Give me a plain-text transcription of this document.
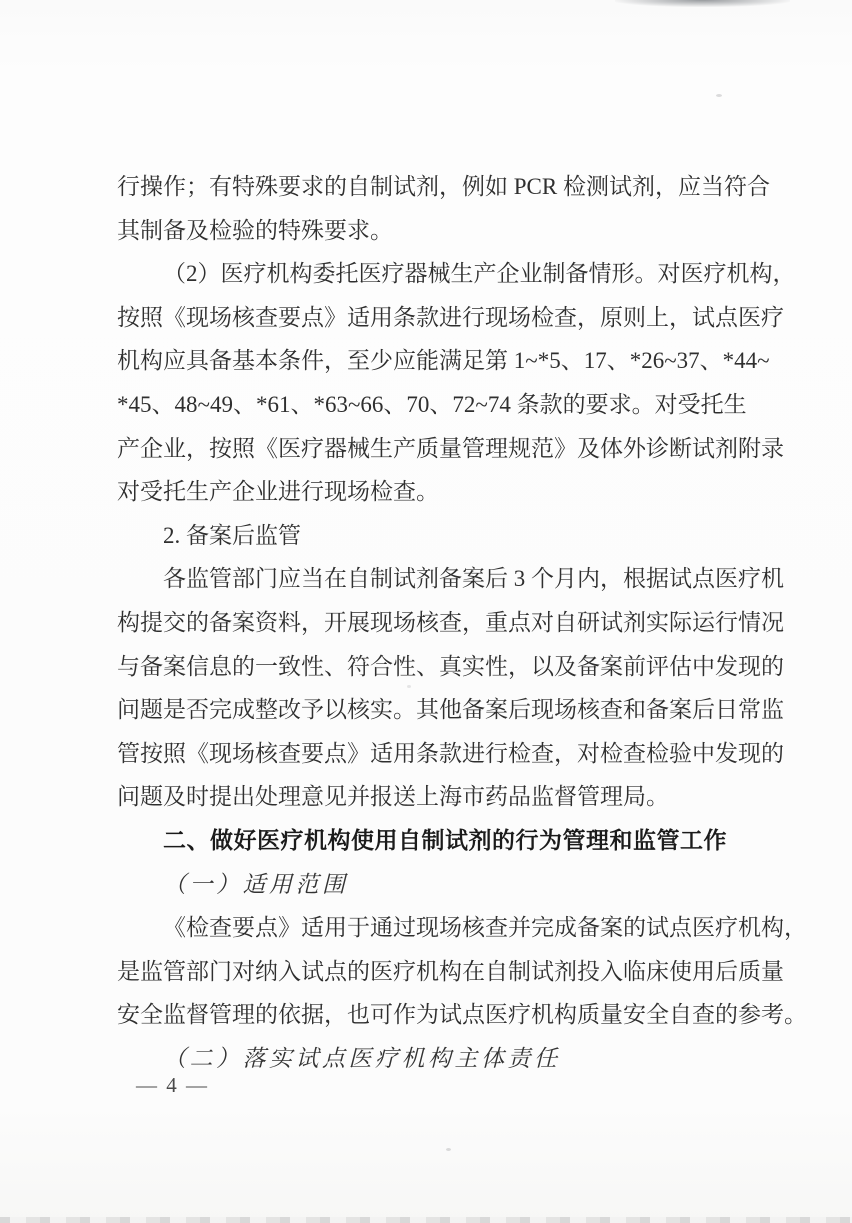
行操作；有特殊要求的自制试剂，例如 PCR 检测试剂，应当符合
其制备及检验的特殊要求。
（2）医疗机构委托医疗器械生产企业制备情形。对医疗机构，
按照《现场核查要点》适用条款进行现场检查，原则上，试点医疗
机构应具备基本条件，至少应能满足第 1~*5、17、*26~37、*44~
*45、48~49、*61、*63~66、70、72~74 条款的要求。对受托生
产企业，按照《医疗器械生产质量管理规范》及体外诊断试剂附录
对受托生产企业进行现场检查。
2. 备案后监管
各监管部门应当在自制试剂备案后 3 个月内，根据试点医疗机
构提交的备案资料，开展现场核查，重点对自研试剂实际运行情况
与备案信息的一致性、符合性、真实性，以及备案前评估中发现的
问题是否完成整改予以核实。其他备案后现场核查和备案后日常监
管按照《现场核查要点》适用条款进行检查，对检查检验中发现的
问题及时提出处理意见并报送上海市药品监督管理局。
二、做好医疗机构使用自制试剂的行为管理和监管工作
（一）适用范围
《检查要点》适用于通过现场核查并完成备案的试点医疗机构，
是监管部门对纳入试点的医疗机构在自制试剂投入临床使用后质量
安全监督管理的依据，也可作为试点医疗机构质量安全自查的参考。
（二）落实试点医疗机构主体责任
— 4 —
